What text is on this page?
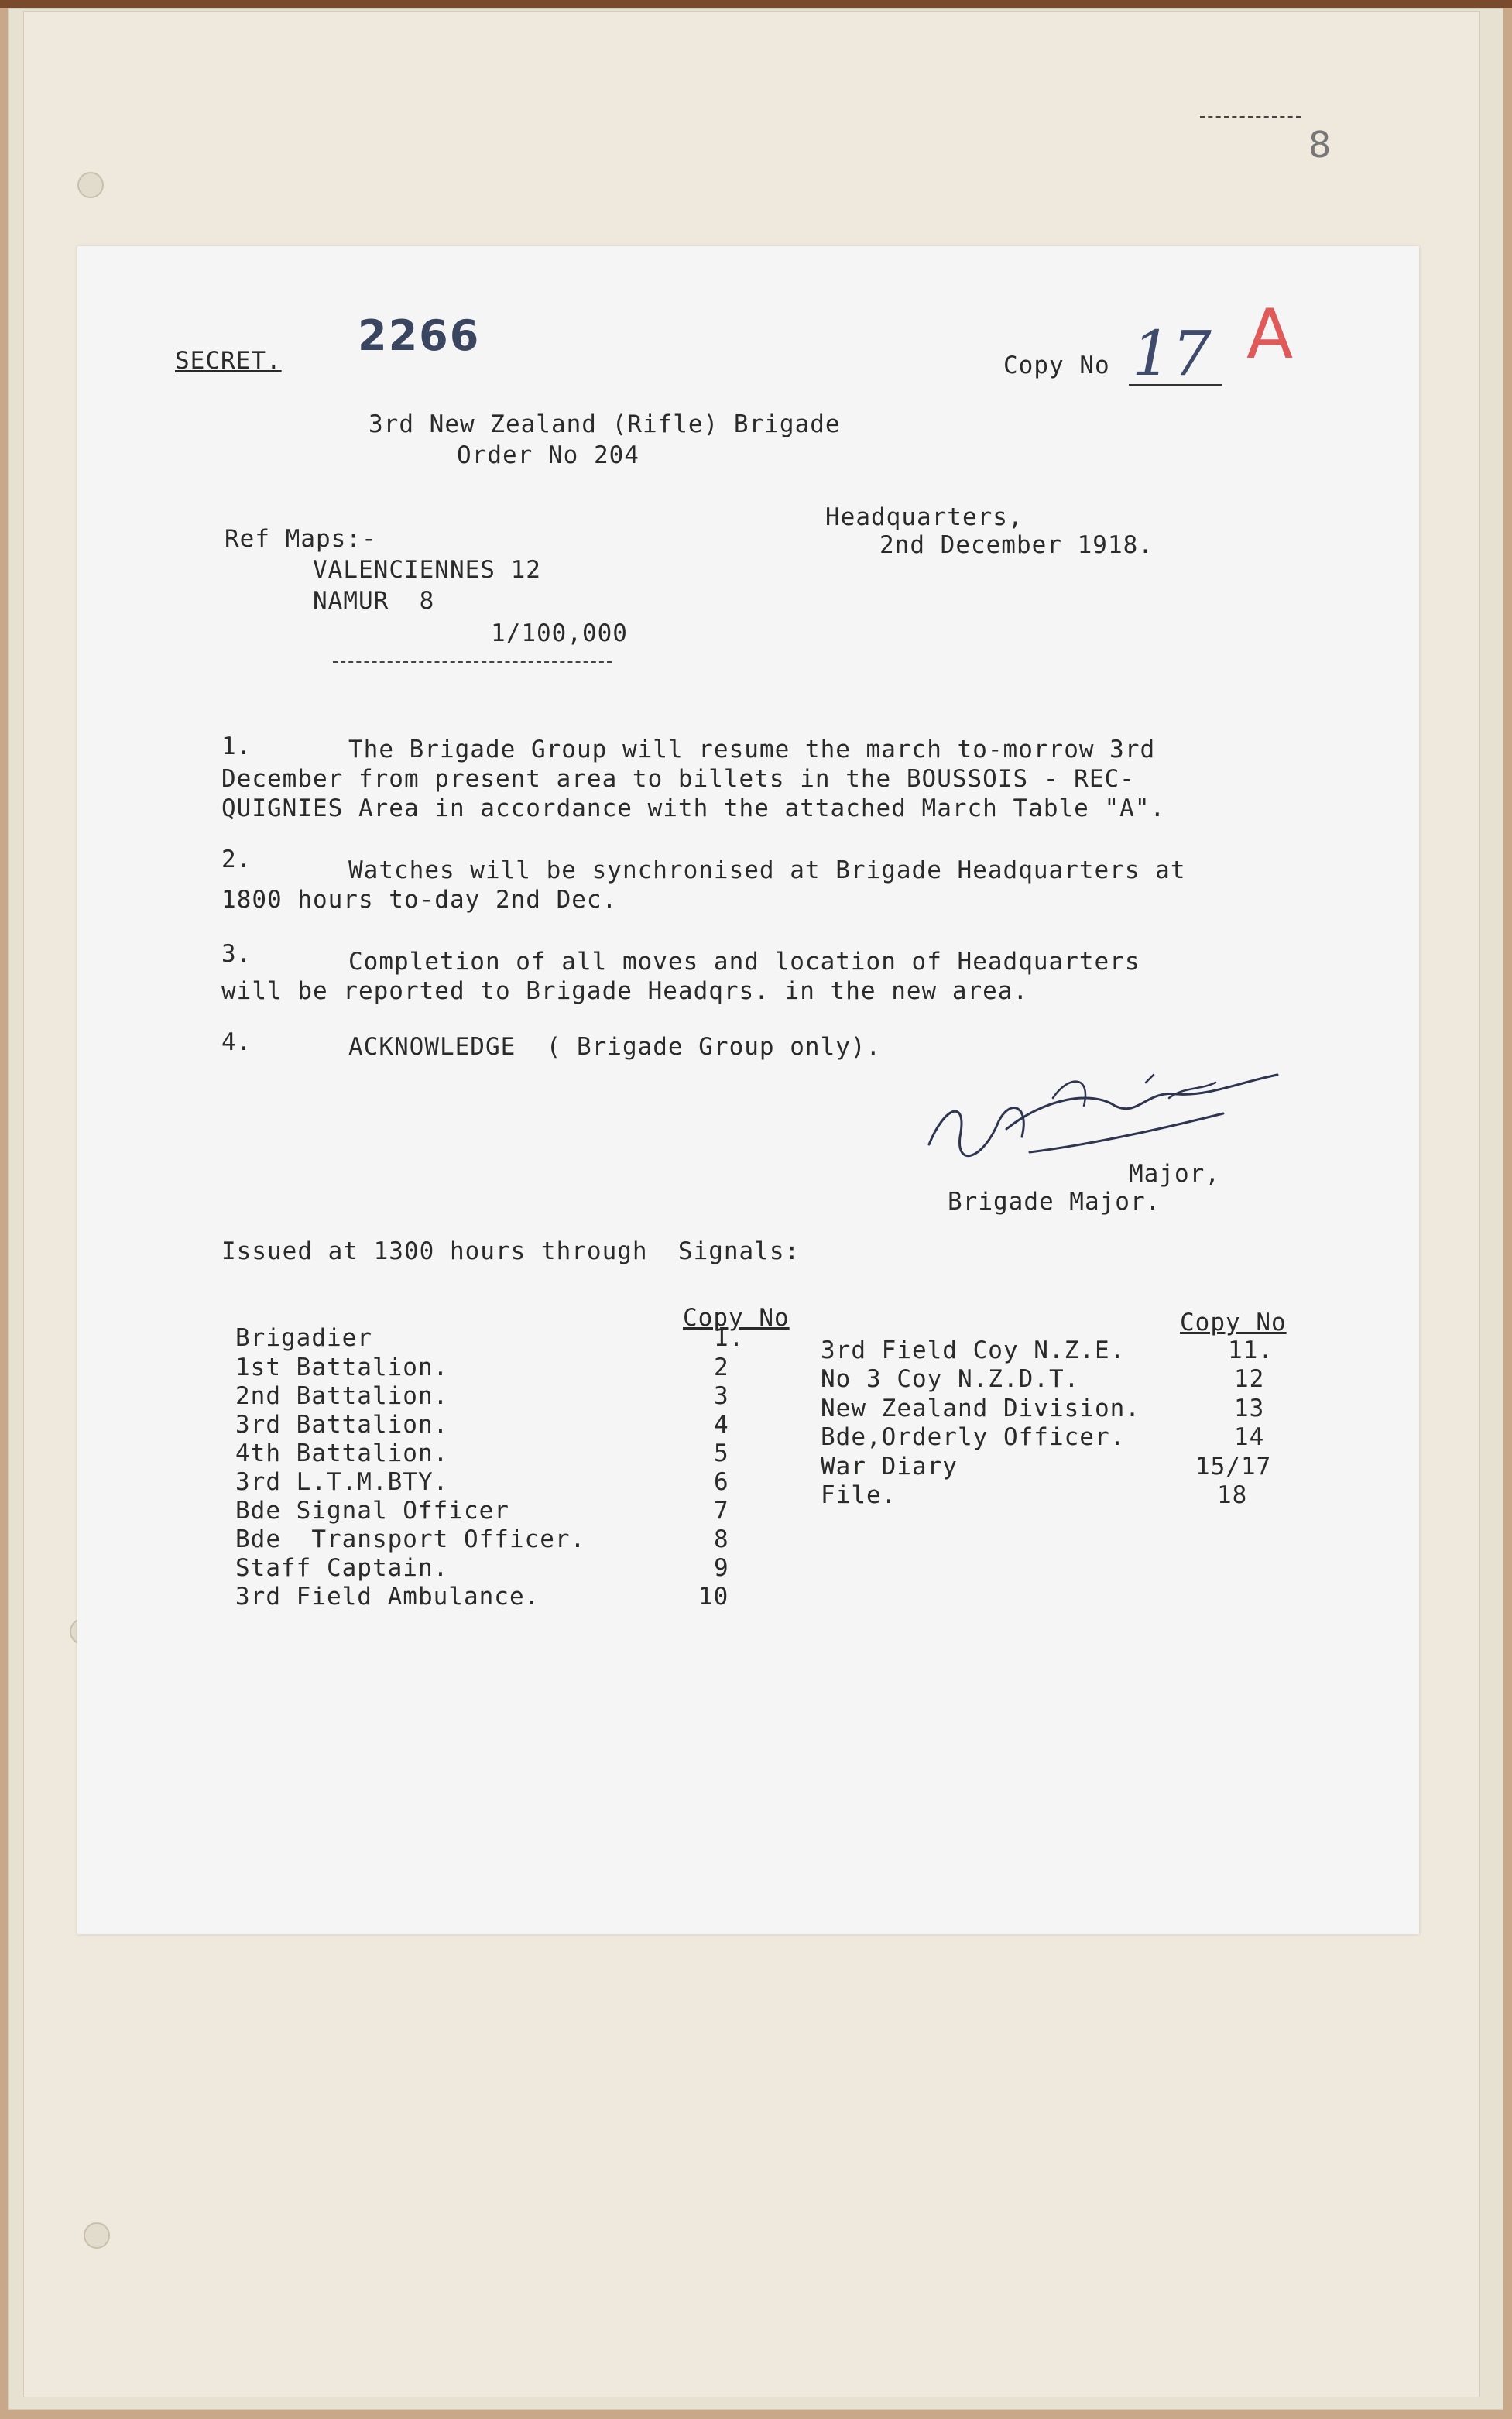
8
SECRET.
2266
Copy No 17 A
3rd New Zealand (Rifle) Brigade
Order No 204
Headquarters,
2nd December 1918.
Ref Maps:-
VALENCIENNES 12
NAMUR  8
1/100,000
1.	The Brigade Group will resume the march to-morrow 3rd
December from present area to billets in the BOUSSOIS - REC-
QUIGNIES Area in accordance with the attached March Table "A".
2.	Watches will be synchronised at Brigade Headquarters at
1800 hours to-day 2nd Dec.
3.	Completion of all moves and location of Headquarters
will be reported to Brigade Headqrs. in the new area.
4.	ACKNOWLEDGE  ( Brigade Group only).
Major,
Brigade Major.
Issued at 1300 hours through  Signals:
Copy No	Copy No
Brigadier	1.
1st Battalion.	2
2nd Battalion.	3
3rd Battalion.	4
4th Battalion.	5
3rd L.T.M.BTY.	6
Bde Signal Officer	7
Bde  Transport Officer.	8
Staff Captain.	9
3rd Field Ambulance.	10
3rd Field Coy N.Z.E.	11.
No 3 Coy N.Z.D.T.	12
New Zealand Division.	13
Bde,Orderly Officer.	14
War Diary	15/17
File.	18
